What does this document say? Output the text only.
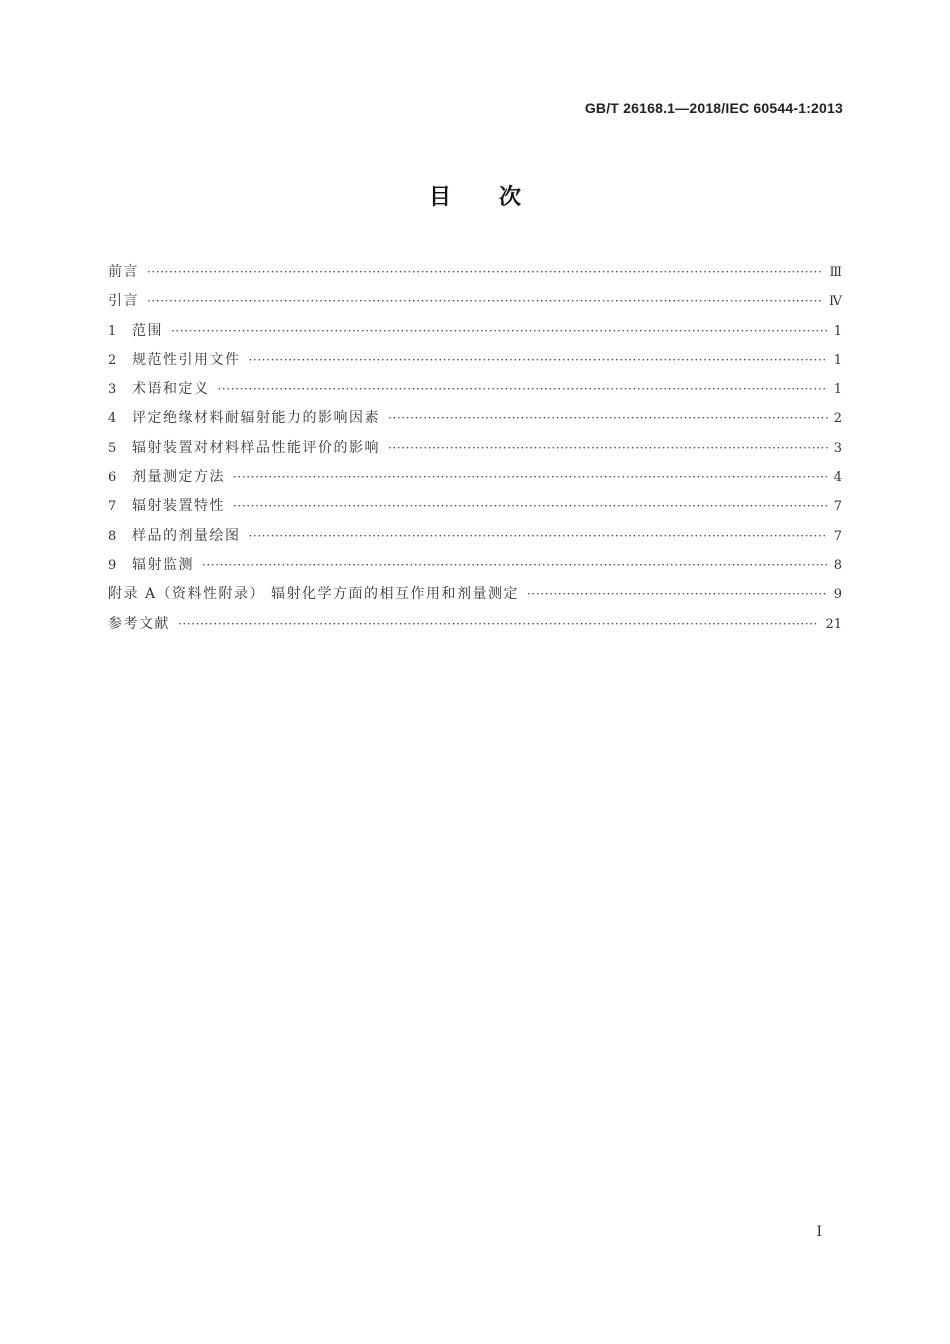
GB/T 26168.1—2018/IEC 60544-1:2013
目次
前言 ·····	Ⅲ
引言 ·····	Ⅳ
1	范围 ·····	1
2	规范性引用文件 ·····	1
3	术语和定义 ·····	1
4	评定绝缘材料耐辐射能力的影响因素 ·····	2
5	辐射装置对材料样品性能评价的影响 ·····	3
6	剂量测定方法 ·····	4
7	辐射装置特性 ·····	7
8	样品的剂量绘图 ·····	7
9	辐射监测 ·····	8
附录 A（资料性附录） 辐射化学方面的相互作用和剂量测定 ·····	9
参考文献 ·····	21
I
